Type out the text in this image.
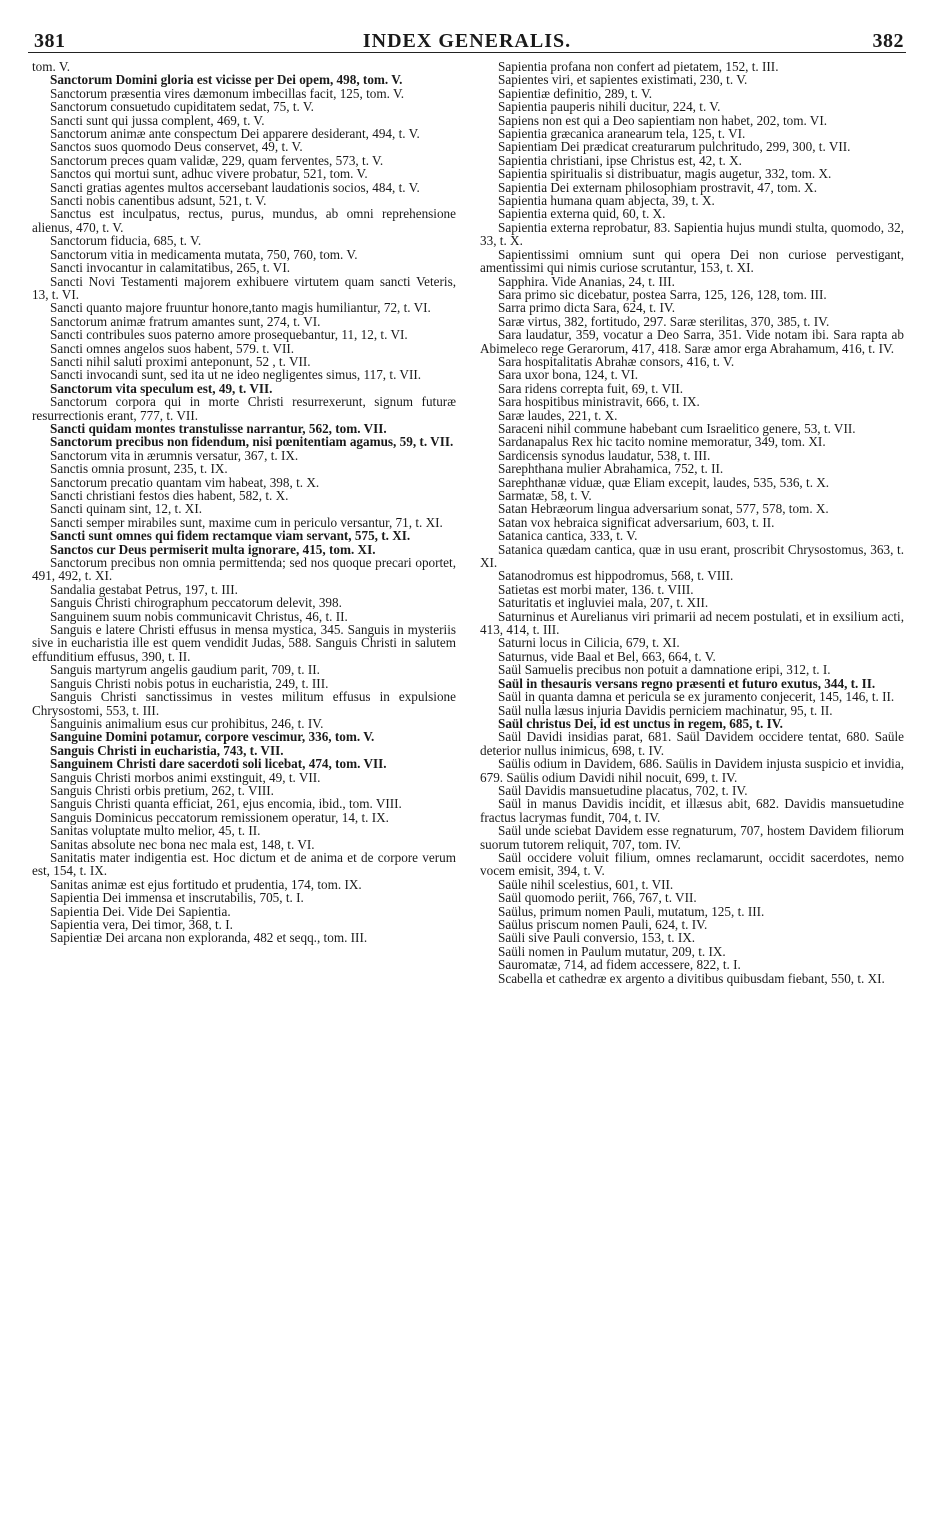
381	INDEX GENERALIS.	382

tom. V.

Sanctorum Domini gloria est vicisse per Dei opem, 498, tom. V.

Sanctorum præsentia vires dæmonum imbecillas facit, 125, tom. V.

Sanctorum consuetudo cupiditatem sedat, 75, t. V.

Sancti sunt qui jussa complent, 469, t. V.

Sanctorum animæ ante conspectum Dei apparere desiderant, 494, t. V.

Sanctos suos quomodo Deus conservet, 49, t. V.

Sanctorum preces quam validæ, 229, quam ferventes, 573, t. V.

Sanctos qui mortui sunt, adhuc vivere probatur, 521, tom. V.

Sancti gratias agentes multos accersebant laudationis socios, 484, t. V.

Sancti nobis canentibus adsunt, 521, t. V.

Sanctus est inculpatus, rectus, purus, mundus, ab omni reprehensione alienus, 470, t. V.

Sanctorum fiducia, 685, t. V.

Sanctorum vitia in medicamenta mutata, 750, 760, tom. V.

Sancti invocantur in calamitatibus, 265, t. VI.

Sancti Novi Testamenti majorem exhibuere virtutem quam sancti Veteris, 13, t. VI.

Sancti quanto majore fruuntur honore,tanto magis humiliantur, 72, t. VI.

Sanctorum animæ fratrum amantes sunt, 274, t. VI.

Sancti contribules suos paterno amore prosequebantur, 11, 12, t. VI.

Sancti omnes angelos suos habent, 579. t. VII.

Sancti nihil saluti proximi anteponunt, 52 , t. VII.

Sancti invocandi sunt, sed ita ut ne ideo negligentes simus, 117, t. VII.

Sanctorum vita speculum est, 49, t. VII.

Sanctorum corpora qui in morte Christi resurrexerunt, signum futuræ resurrectionis erant, 777, t. VII.

Sancti quidam montes transtulisse narrantur, 562, tom. VII.

Sanctorum precibus non fidendum, nisi pœnitentiam agamus, 59, t. VII.

Sanctorum vita in ærumnis versatur, 367, t. IX.

Sanctis omnia prosunt, 235, t. IX.

Sanctorum precatio quantam vim habeat, 398, t. X.

Sancti christiani festos dies habent, 582, t. X.

Sancti quinam sint, 12, t. XI.

Sancti semper mirabiles sunt, maxime cum in periculo versantur, 71, t. XI.

Sancti sunt omnes qui fidem rectamque viam servant, 575, t. XI.

Sanctos cur Deus permiserit multa ignorare, 415, tom. XI.

Sanctorum precibus non omnia permittenda; sed nos quoque precari oportet, 491, 492, t. XI.

Sandalia gestabat Petrus, 197, t. III.

Sanguis Christi chirographum peccatorum delevit, 398.

Sanguinem suum nobis communicavit Christus, 46, t. II.

Sanguis e latere Christi effusus in mensa mystica, 345. Sanguis in mysteriis sive in eucharistia ille est quem vendidit Judas, 588. Sanguis Christi in salutem effunditium effusus, 390, t. II.

Sanguis martyrum angelis gaudium parit, 709, t. II.

Sanguis Christi nobis potus in eucharistia, 249, t. III.

Sanguis Christi sanctissimus in vestes militum effusus in expulsione Chrysostomi, 553, t. III.

Sanguinis animalium esus cur prohibitus, 246, t. IV.

Sanguine Domini potamur, corpore vescimur, 336, tom. V.

Sanguis Christi in eucharistia, 743, t. VII.

Sanguinem Christi dare sacerdoti soli licebat, 474, tom. VII.

Sanguis Christi morbos animi exstinguit, 49, t. VII.

Sanguis Christi orbis pretium, 262, t. VIII.

Sanguis Christi quanta efficiat, 261, ejus encomia, ibid., tom. VIII.

Sanguis Dominicus peccatorum remissionem operatur, 14, t. IX.

Sanitas voluptate multo melior, 45, t. II.

Sanitas absolute nec bona nec mala est, 148, t. VI.

Sanitatis mater indigentia est. Hoc dictum et de anima et de corpore verum est, 154, t. IX.

Sanitas animæ est ejus fortitudo et prudentia, 174, tom. IX.

Sapientia Dei immensa et inscrutabilis, 705, t. I.

Sapientia Dei. Vide Dei Sapientia.

Sapientia vera, Dei timor, 368, t. I.

Sapientiæ Dei arcana non exploranda, 482 et seqq., tom. III.

Sapientia profana non confert ad pietatem, 152, t. III.

Sapientes viri, et sapientes existimati, 230, t. V.

Sapientiæ definitio, 289, t. V.

Sapientia pauperis nihili ducitur, 224, t. V.

Sapiens non est qui a Deo sapientiam non habet, 202, tom. VI.

Sapientia græcanica aranearum tela, 125, t. VI.

Sapientiam Dei prædicat creaturarum pulchritudo, 299, 300, t. VII.

Sapientia christiani, ipse Christus est, 42, t. X.

Sapientia spiritualis si distribuatur, magis augetur, 332, tom. X.

Sapientia Dei externam philosophiam prostravit, 47, tom. X.

Sapientia humana quam abjecta, 39, t. X.

Sapientia externa quid, 60, t. X.

Sapientia externa reprobatur, 83. Sapientia hujus mundi stulta, quomodo, 32, 33, t. X.

Sapientissimi omnium sunt qui opera Dei non curiose pervestigant, amentissimi qui nimis curiose scrutantur, 153, t. XI.

Sapphira. Vide Ananias, 24, t. III.

Sara primo sic dicebatur, postea Sarra, 125, 126, 128, tom. III.

Sarra primo dicta Sara, 624, t. IV.

Saræ virtus, 382, fortitudo, 297. Saræ sterilitas, 370, 385, t. IV.

Sara laudatur, 359, vocatur a Deo Sarra, 351. Vide notam ibi. Sara rapta ab Abimeleco rege Gerarorum, 417, 418. Saræ amor erga Abrahamum, 416, t. IV.

Sara hospitalitatis Abrahæ consors, 416, t. V.

Sara uxor bona, 124, t. VI.

Sara ridens correpta fuit, 69, t. VII.

Sara hospitibus ministravit, 666, t. IX.

Saræ laudes, 221, t. X.

Saraceni nihil commune habebant cum Israelitico genere, 53, t. VII.

Sardanapalus Rex hic tacito nomine memoratur, 349, tom. XI.

Sardicensis synodus laudatur, 538, t. III.

Sarephthana mulier Abrahamica, 752, t. II.

Sarephthanæ viduæ, quæ Eliam excepit, laudes, 535, 536, t. X.

Sarmatæ, 58, t. V.

Satan Hebræorum lingua adversarium sonat, 577, 578, tom. X.

Satan vox hebraica significat adversarium, 603, t. II.

Satanica cantica, 333, t. V.

Satanica quædam cantica, quæ in usu erant, proscribit Chrysostomus, 363, t. XI.

Satanodromus est hippodromus, 568, t. VIII.

Satietas est morbi mater, 136. t. VIII.

Saturitatis et ingluviei mala, 207, t. XII.

Saturninus et Aurelianus viri primarii ad necem postulati, et in exsilium acti, 413, 414, t. III.

Saturni locus in Cilicia, 679, t. XI.

Saturnus, vide Baal et Bel, 663, 664, t. V.

Saül Samuelis precibus non potuit a damnatione eripi, 312, t. I.

Saül in thesauris versans regno præsenti et futuro exutus, 344, t. II.

Saül in quanta damna et pericula se ex juramento conjecerit, 145, 146, t. II.

Saül nulla læsus injuria Davidis perniciem machinatur, 95, t. II.

Saül christus Dei, id est unctus in regem, 685, t. IV.

Saül Davidi insidias parat, 681. Saül Davidem occidere tentat, 680. Saüle deterior nullus inimicus, 698, t. IV.

Saülis odium in Davidem, 686. Saülis in Davidem injusta suspicio et invidia, 679. Saülis odium Davidi nihil nocuit, 699, t. IV.

Saül Davidis mansuetudine placatus, 702, t. IV.

Saül in manus Davidis incidit, et illæsus abit, 682. Davidis mansuetudine fractus lacrymas fundit, 704, t. IV.

Saül unde sciebat Davidem esse regnaturum, 707, hostem Davidem filiorum suorum tutorem reliquit, 707, tom. IV.

Saül occidere voluit filium, omnes reclamarunt, occidit sacerdotes, nemo vocem emisit, 394, t. V.

Saüle nihil scelestius, 601, t. VII.

Saül quomodo periit, 766, 767, t. VII.

Saülus, primum nomen Pauli, mutatum, 125, t. III.

Saülus priscum nomen Pauli, 624, t. IV.

Saüli sive Pauli conversio, 153, t. IX.

Saüli nomen in Paulum mutatur, 209, t. IX.

Sauromatæ, 714, ad fidem accessere, 822, t. I.

Scabella et cathedræ ex argento a divitibus quibusdam fiebant, 550, t. XI.
